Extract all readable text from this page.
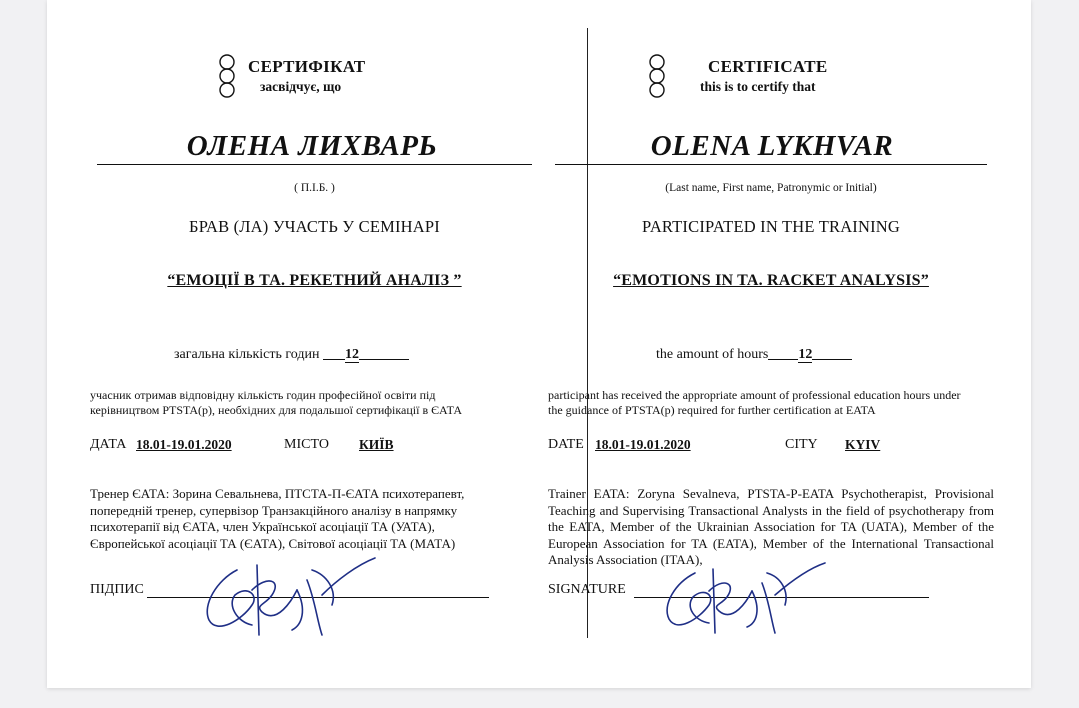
СЕРТИФІКАТ
засвідчує, що
ОЛЕНА ЛИХВАРЬ
( П.І.Б. )
БРАВ (ЛА) УЧАСТЬ У СЕМІНАРІ
“ЕМОЦІЇ В ТА. РЕКЕТНИЙ АНАЛІЗ ”
загальна кількість годин 12
учасник отримав відповідну кількість годин професійної освіти під
керівництвом PTSTA(p), необхідних для подальшої сертифікації в ЄАТА
ДАТА 18.01-19.01.2020	МІСТО КИЇВ
Тренер ЄАТА: Зорина Севальнева, ПТСТА-П-ЄАТА психотерапевт,
попередній тренер, супервізор Транзакційного аналізу в напрямку
психотерапії від ЄАТА, член Української асоціації ТА (УАТА),
Європейської асоціації ТА (ЄАТА), Світової асоціації ТА (МАТА)
ПІДПИС
CERTIFICATE
this is to certify that
OLENA LYKHVAR
(Last name, First name, Patronymic or Initial)
PARTICIPATED IN THE TRAINING
“EMOTIONS IN TA. RACKET ANALYSIS”
the amount of hours 12
participant has received the appropriate amount of professional education hours under
the guidance of PTSTA(p) required for further certification at EATA
DATE 18.01-19.01.2020	CITY KYIV
Trainer EATA: Zoryna Sevalneva, PTSTA-P-EATA Psychotherapist, Provisional Teaching and Supervising Transactional Analysts in the field of psychotherapy from the EATA, Member of the Ukrainian Association for TA (UATA), Member of the European Association for TA (EATA), Member of the International Transactional Analysis Association (ITAA),
SIGNATURE
